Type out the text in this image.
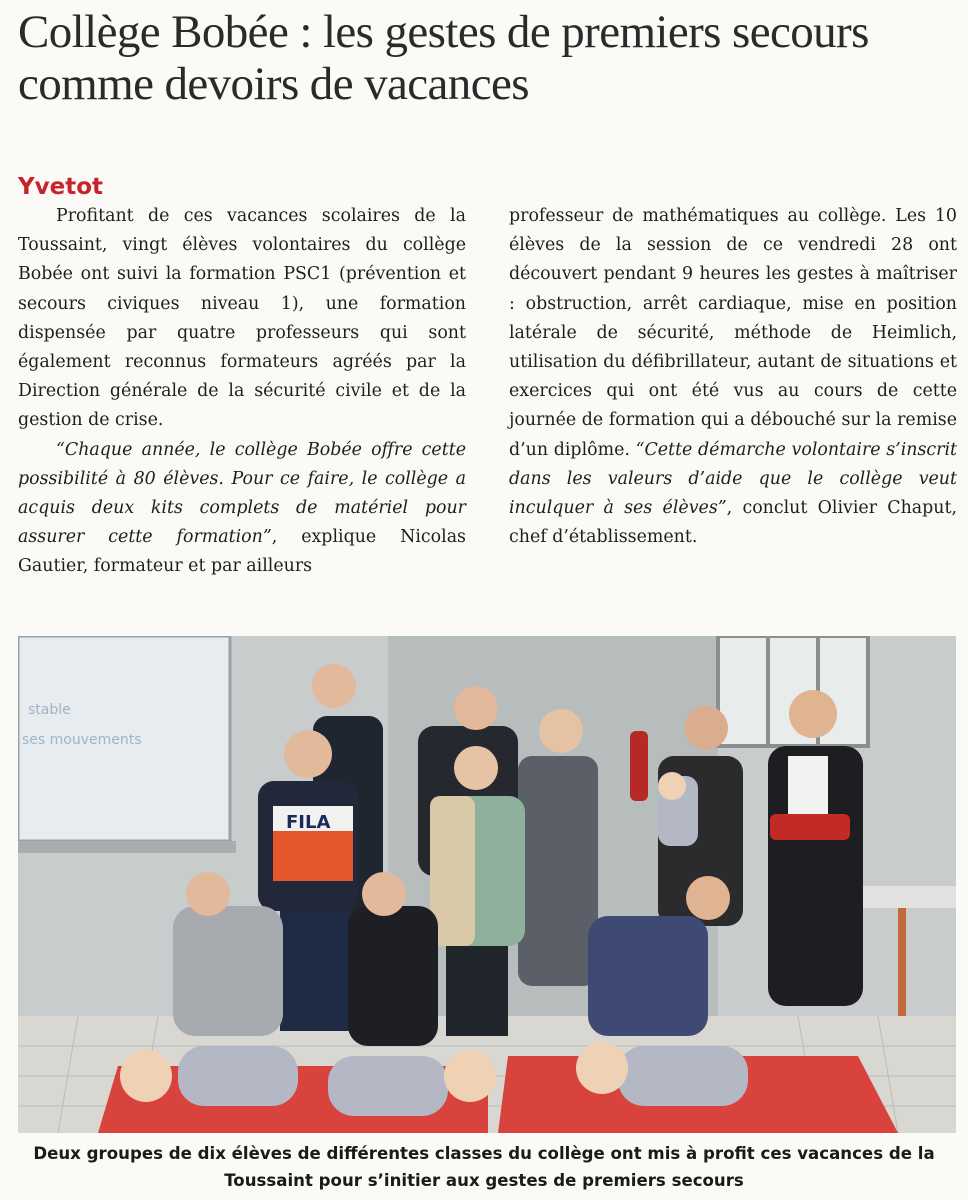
Collège Bobée : les gestes de premiers secours comme devoirs de vacances
Yvetot

Profitant de ces vacances scolaires de la Toussaint, vingt élèves volontaires du collège Bobée ont suivi la formation PSC1 (prévention et secours civiques niveau 1), une formation dispensée par quatre professeurs qui sont également reconnus formateurs agréés par la Direction générale de la sécurité civile et de la gestion de crise.

“Chaque année, le collège Bobée offre cette possibilité à 80 élèves. Pour ce faire, le collège a acquis deux kits complets de matériel pour assurer cette formation”, explique Nicolas Gautier, formateur et par ailleurs

professeur de mathématiques au collège. Les 10 élèves de la session de ce vendredi 28 ont découvert pendant 9 heures les gestes à maîtriser : obstruction, arrêt cardiaque, mise en position latérale de sécurité, méthode de Heimlich, utilisation du défibrillateur, autant de situations et exercices qui ont été vus au cours de cette journée de formation qui a débouché sur la remise d’un diplôme. “Cette démarche volontaire s’inscrit dans les valeurs d’aide que le collège veut inculquer à ses élèves”, conclut Olivier Chaput, chef d’établissement.

stable
ses mouvements
FILA
Deux groupes de dix élèves de différentes classes du collège ont mis à profit ces vacances de la Toussaint pour s’initier aux gestes de premiers secours
